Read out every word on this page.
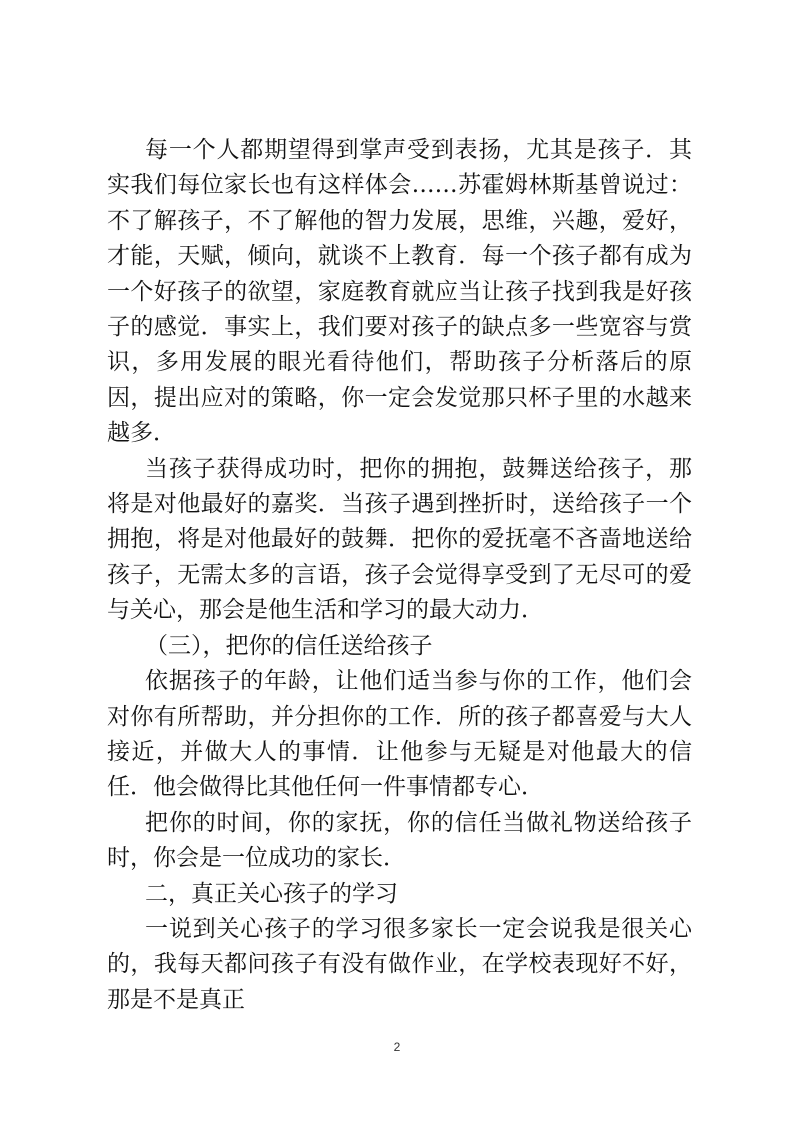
每一个人都期望得到掌声受到表扬，尤其是孩子．其实我们每位家长也有这样体会……苏霍姆林斯基曾说过：不了解孩子，不了解他的智力发展，思维，兴趣，爱好，才能，天赋，倾向，就谈不上教育．每一个孩子都有成为一个好孩子的欲望，家庭教育就应当让孩子找到我是好孩子的感觉．事实上，我们要对孩子的缺点多一些宽容与赏识，多用发展的眼光看待他们，帮助孩子分析落后的原因，提出应对的策略，你一定会发觉那只杯子里的水越来越多．

当孩子获得成功时，把你的拥抱，鼓舞送给孩子，那将是对他最好的嘉奖．当孩子遇到挫折时，送给孩子一个拥抱，将是对他最好的鼓舞．把你的爱抚毫不吝啬地送给孩子，无需太多的言语，孩子会觉得享受到了无尽可的爱与关心，那会是他生活和学习的最大动力．

（三），把你的信任送给孩子

依据孩子的年龄，让他们适当参与你的工作，他们会对你有所帮助，并分担你的工作．所的孩子都喜爱与大人接近，并做大人的事情．让他参与无疑是对他最大的信任．他会做得比其他任何一件事情都专心．

把你的时间，你的家抚，你的信任当做礼物送给孩子时，你会是一位成功的家长．

二，真正关心孩子的学习

一说到关心孩子的学习很多家长一定会说我是很关心的，我每天都问孩子有没有做作业，在学校表现好不好，那是不是真正

2
